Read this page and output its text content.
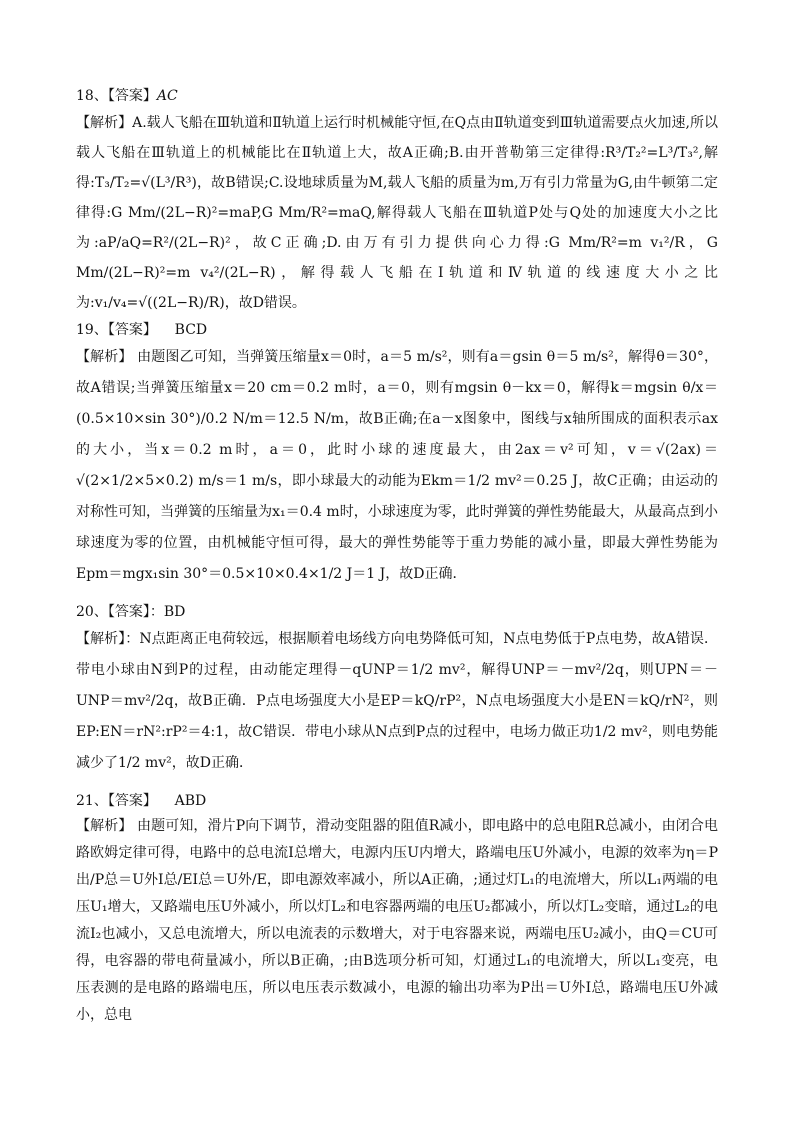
18、【答案】AC

【解析】A.载人飞船在Ⅲ轨道和Ⅱ轨道上运行时机械能守恒,在Q点由Ⅱ轨道变到Ⅲ轨道需要点火加速,所以载人飞船在Ⅲ轨道上的机械能比在Ⅱ轨道上大，故A正确;B.由开普勒第三定律得:R³/T₂²=L³/T₃²,解得:T₃/T₂=√(L³/R³)，故B错误;C.设地球质量为M,载人飞船的质量为m,万有引力常量为G,由牛顿第二定律得:G Mm/(2L−R)²=maP,G Mm/R²=maQ,解得载人飞船在Ⅲ轨道P处与Q处的加速度大小之比为:aP/aQ=R²/(2L−R)²，故C正确;D.由万有引力提供向心力得:G Mm/R²=m v₁²/R，G Mm/(2L−R)²=m v₄²/(2L−R)，解得载人飞船在Ⅰ轨道和Ⅳ轨道的线速度大小之比为:v₁/v₄=√((2L−R)/R)，故D错误。

19、【答案】 BCD

【解析】 由题图乙可知，当弹簧压缩量x＝0时，a＝5 m/s²，则有a＝gsin θ＝5 m/s²，解得θ＝30°，故A错误;当弹簧压缩量x＝20 cm＝0.2 m时，a＝0，则有mgsin θ－kx＝0，解得k＝mgsin θ/x＝(0.5×10×sin 30°)/0.2 N/m＝12.5 N/m，故B正确;在a－x图象中，图线与x轴所围成的面积表示ax的大小，当x＝0.2 m时，a＝0，此时小球的速度最大，由2ax＝v²可知，v＝√(2ax)＝√(2×1/2×5×0.2) m/s＝1 m/s，即小球最大的动能为Ekm＝1/2 mv²＝0.25 J，故C正确；由运动的对称性可知，当弹簧的压缩量为x₁＝0.4 m时，小球速度为零，此时弹簧的弹性势能最大，从最高点到小球速度为零的位置，由机械能守恒可得，最大的弹性势能等于重力势能的减小量，即最大弹性势能为Epm＝mgx₁sin 30°＝0.5×10×0.4×1/2 J＝1 J，故D正确．

20、【答案】：BD

【解析】：N点距离正电荷较远，根据顺着电场线方向电势降低可知，N点电势低于P点电势，故A错误．带电小球由N到P的过程，由动能定理得－qUNP＝1/2 mv²，解得UNP＝－mv²/2q，则UPN＝－UNP＝mv²/2q，故B正确．P点电场强度大小是EP＝kQ/rP²，N点电场强度大小是EN＝kQ/rN²，则EP:EN＝rN²:rP²＝4:1，故C错误．带电小球从N点到P点的过程中，电场力做正功1/2 mv²，则电势能减少了1/2 mv²，故D正确．

21、【答案】 ABD

【解析】 由题可知，滑片P向下调节，滑动变阻器的阻值R减小，即电路中的总电阻R总减小，由闭合电路欧姆定律可得，电路中的总电流I总增大，电源内压U内增大，路端电压U外减小，电源的效率为η＝P出/P总＝U外I总/EI总＝U外/E，即电源效率减小，所以A正确，;通过灯L₁的电流增大，所以L₁两端的电压U₁增大，又路端电压U外减小，所以灯L₂和电容器两端的电压U₂都减小，所以灯L₂变暗，通过L₂的电流I₂也减小，又总电流增大，所以电流表的示数增大，对于电容器来说，两端电压U₂减小，由Q＝CU可得，电容器的带电荷量减小，所以B正确，;由B选项分析可知，灯通过L₁的电流增大，所以L₁变亮，电压表测的是电路的路端电压，所以电压表示数减小，电源的输出功率为P出＝U外I总，路端电压U外减小，总电
